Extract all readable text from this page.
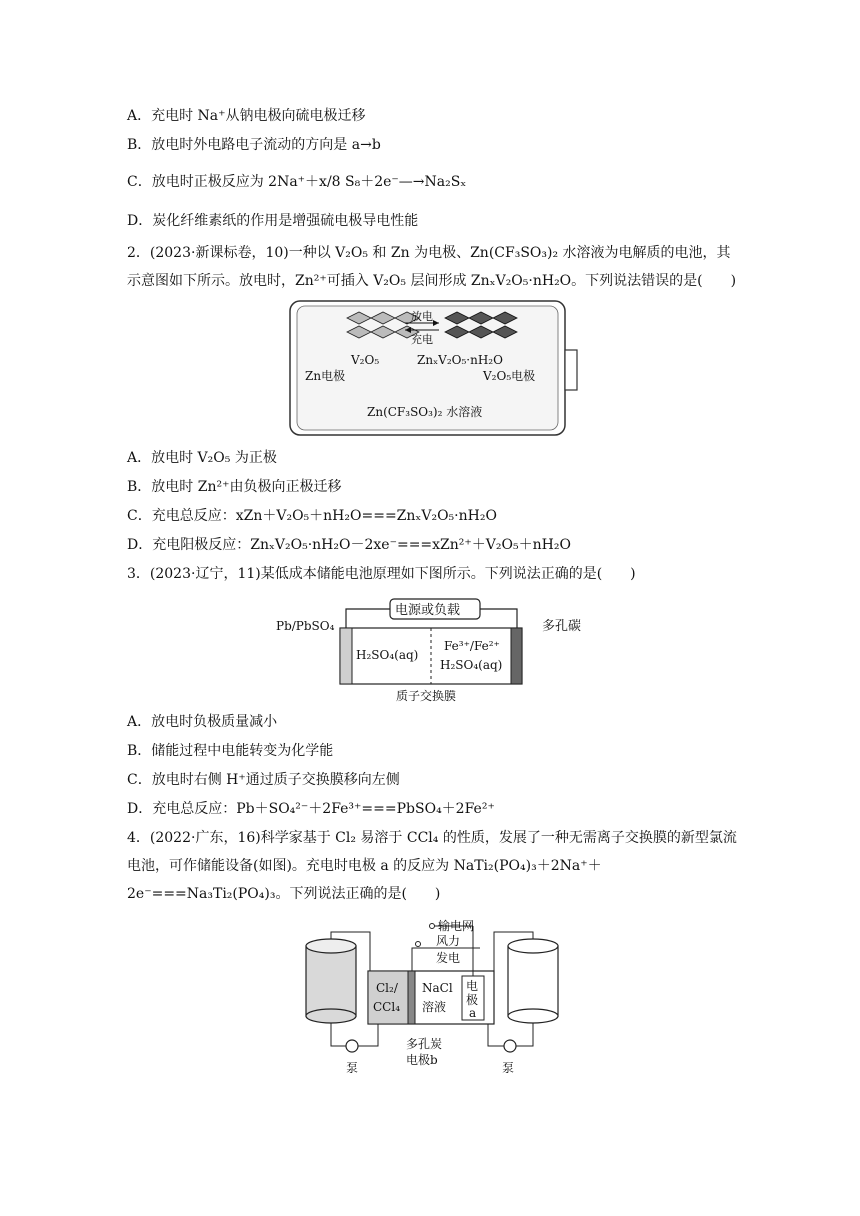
A．充电时 Na⁺从钠电极向硫电极迁移
B．放电时外电路电子流动的方向是 a→b
C．放电时正极反应为 2Na⁺＋x/8 S₈＋2e⁻—→Na₂Sₓ
D．炭化纤维素纸的作用是增强硫电极导电性能
2．(2023·新课标卷，10)一种以 V₂O₅ 和 Zn 为电极、Zn(CF₃SO₃)₂ 水溶液为电解质的电池，其示意图如下所示。放电时，Zn²⁺可插入 V₂O₅ 层间形成 ZnₓV₂O₅·nH₂O。下列说法错误的是(　　)
放电
充电
V₂O₅	ZnₓV₂O₅·nH₂O
Zn电极	V₂O₅电极
Zn(CF₃SO₃)₂ 水溶液
A．放电时 V₂O₅ 为正极
B．放电时 Zn²⁺由负极向正极迁移
C．充电总反应：xZn＋V₂O₅＋nH₂O===ZnₓV₂O₅·nH₂O
D．充电阳极反应：ZnₓV₂O₅·nH₂O－2xe⁻===xZn²⁺＋V₂O₅＋nH₂O
3．(2023·辽宁，11)某低成本储能电池原理如下图所示。下列说法正确的是(　　)
电源或负载
Pb/PbSO₄	多孔碳
H₂SO₄(aq)
Fe³⁺/Fe²⁺
H₂SO₄(aq)
质子交换膜
A．放电时负极质量减小
B．储能过程中电能转变为化学能
C．放电时右侧 H⁺通过质子交换膜移向左侧
D．充电总反应：Pb＋SO₄²⁻＋2Fe³⁺===PbSO₄＋2Fe²⁺
4．(2022·广东，16)科学家基于 Cl₂ 易溶于 CCl₄ 的性质，发展了一种无需离子交换膜的新型氯流电池，可作储能设备(如图)。充电时电极 a 的反应为 NaTi₂(PO₄)₃＋2Na⁺＋2e⁻===Na₃Ti₂(PO₄)₃。下列说法正确的是(　　)
输电网
风力
发电
Cl₂/
CCl₄
NaCl
溶液
电
极
a
多孔炭
电极b
泵	泵
